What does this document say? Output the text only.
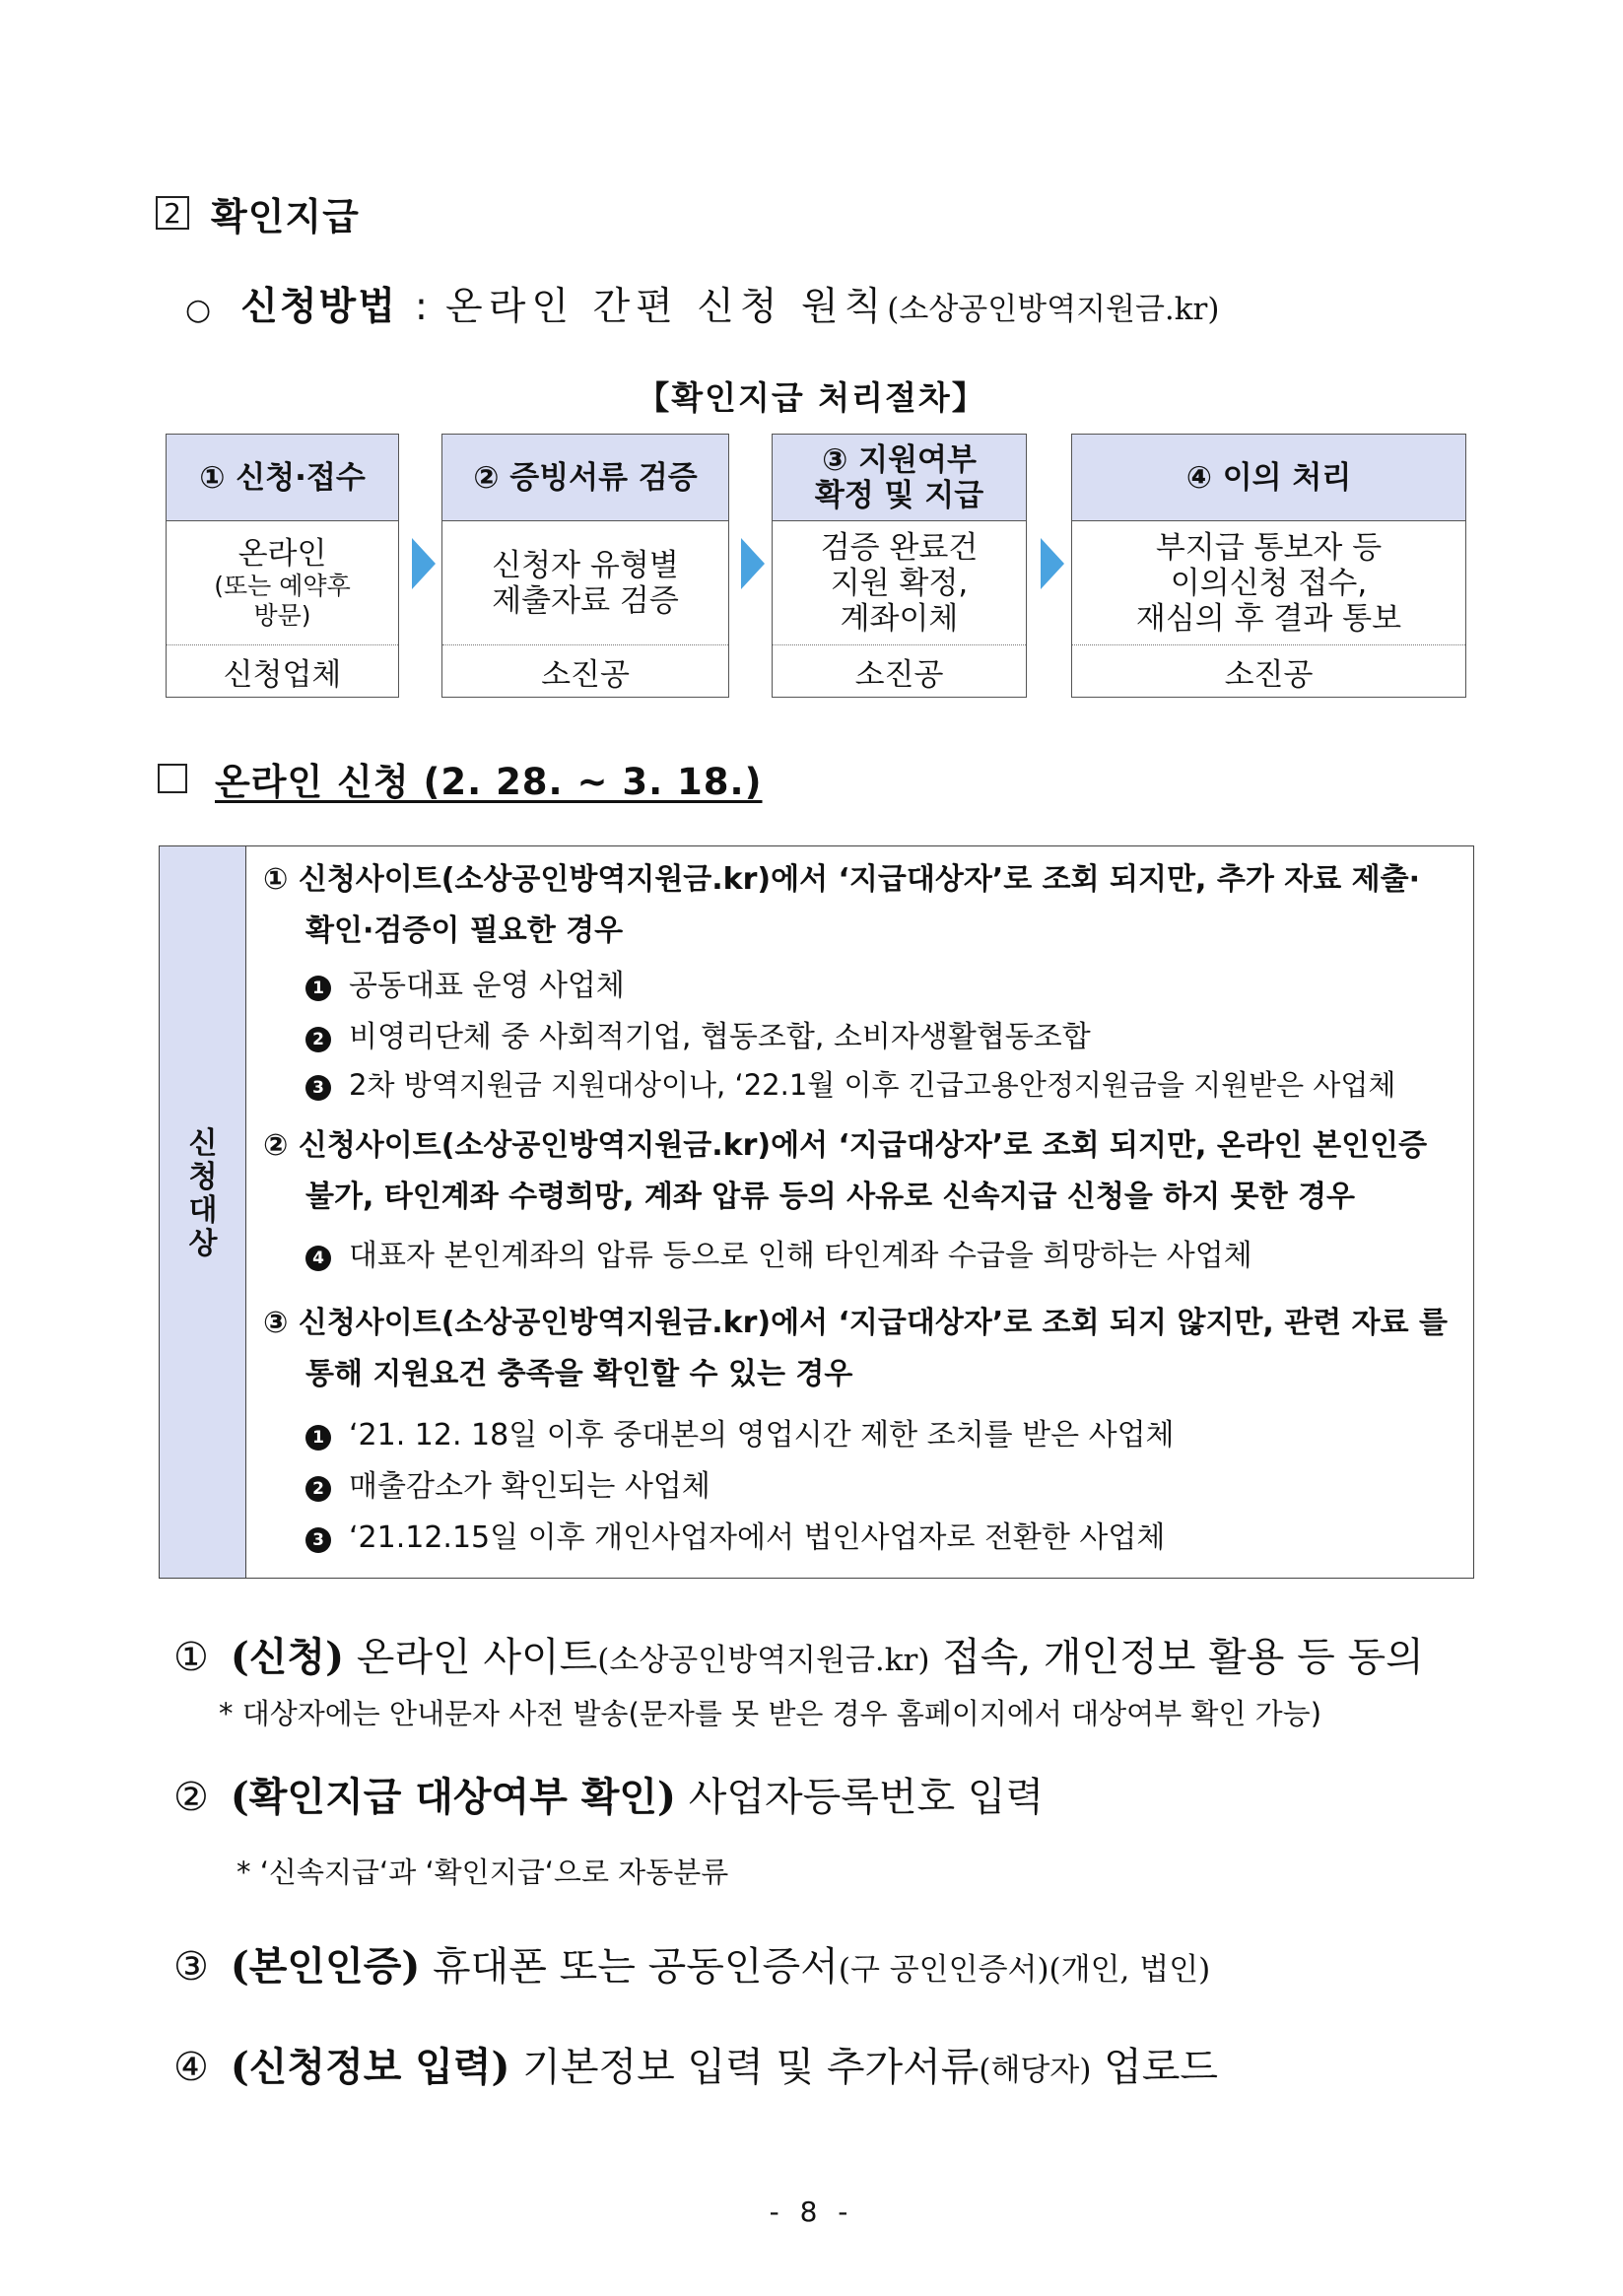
2 확인지급
○ 신청방법 : 온라인 간편 신청 원칙 (소상공인방역지원금.kr)
【확인지급 처리절차】
① 신청·접수
온라인
(또는 예약후
방문)
신청업체
② 증빙서류 검증
신청자 유형별
제출자료 검증
소진공
③ 지원여부
확정 및 지급
검증 완료건
지원 확정,
계좌이체
소진공
④ 이의 처리
부지급 통보자 등
이의신청 접수,
재심의 후 결과 통보
소진공
온라인 신청 (2. 28. ~ 3. 18.)
신
청
대
상
① 신청사이트(소상공인방역지원금.kr)에서 ‘지급대상자’로 조회 되지만, 추가 자료 제출·
확인·검증이 필요한 경우
1 공동대표 운영 사업체
2 비영리단체 중 사회적기업, 협동조합, 소비자생활협동조합
3 2차 방역지원금 지원대상이나, ‘22.1월 이후 긴급고용안정지원금을 지원받은 사업체
② 신청사이트(소상공인방역지원금.kr)에서 ‘지급대상자’로 조회 되지만, 온라인 본인인증
불가, 타인계좌 수령희망, 계좌 압류 등의 사유로 신속지급 신청을 하지 못한 경우
4 대표자 본인계좌의 압류 등으로 인해 타인계좌 수급을 희망하는 사업체
③ 신청사이트(소상공인방역지원금.kr)에서 ‘지급대상자’로 조회 되지 않지만, 관련 자료 를
통해 지원요건 충족을 확인할 수 있는 경우
1 ‘21. 12. 18일 이후 중대본의 영업시간 제한 조치를 받은 사업체
2 매출감소가 확인되는 사업체
3 ‘21.12.15일 이후 개인사업자에서 법인사업자로 전환한 사업체
① (신청) 온라인 사이트(소상공인방역지원금.kr) 접속, 개인정보 활용 등 동의
* 대상자에는 안내문자 사전 발송(문자를 못 받은 경우 홈페이지에서 대상여부 확인 가능)
② (확인지급 대상여부 확인) 사업자등록번호 입력
* ‘신속지급‘과 ‘확인지급‘으로 자동분류
③ (본인인증) 휴대폰 또는 공동인증서(구 공인인증서)(개인, 법인)
④ (신청정보 입력) 기본정보 입력 및 추가서류(해당자) 업로드
- 8 -
